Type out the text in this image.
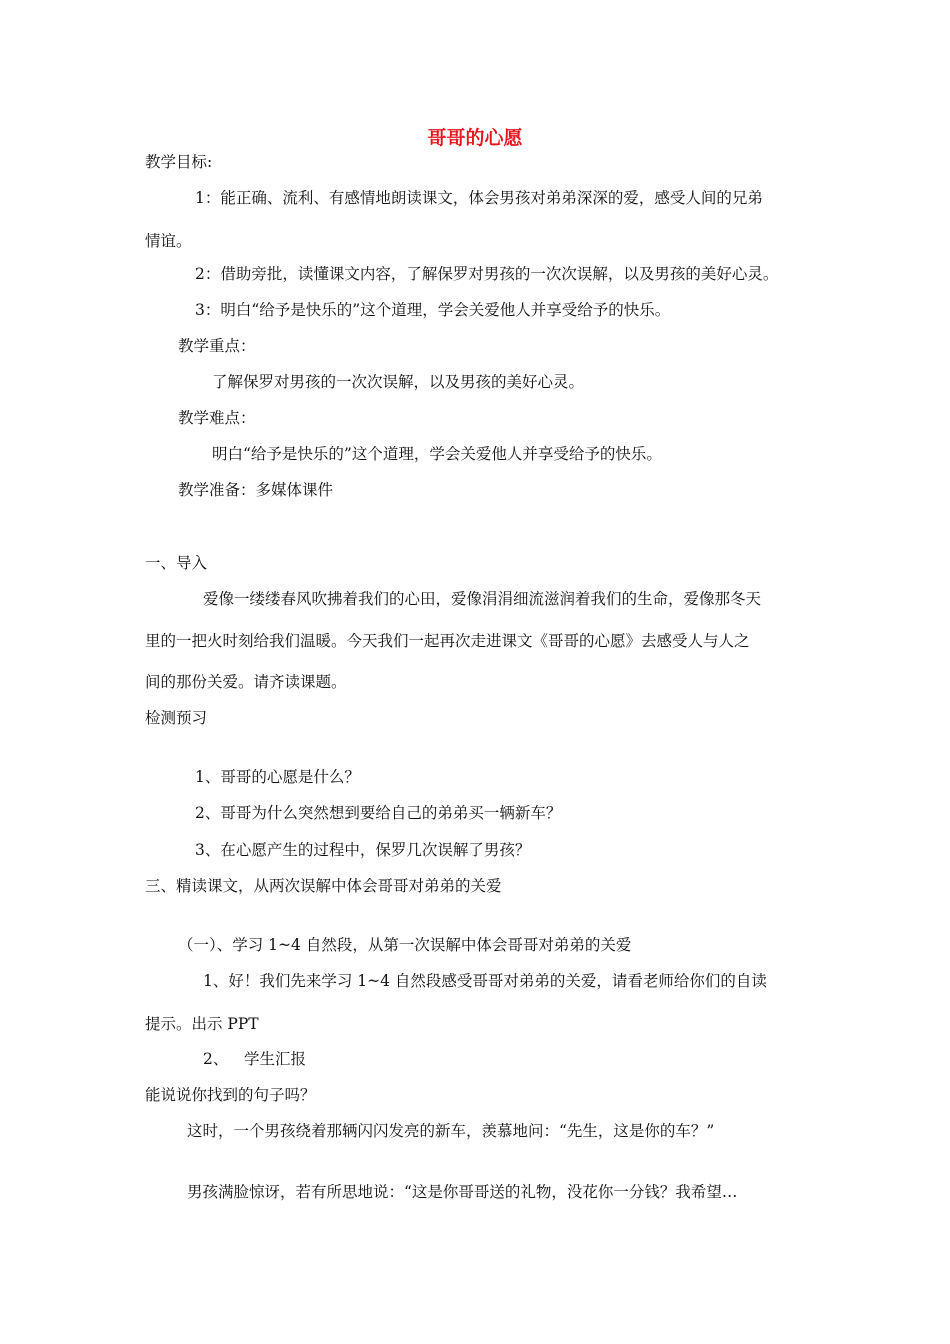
哥哥的心愿
教学目标:
1：能正确、流利、有感情地朗读课文，体会男孩对弟弟深深的爱，感受人间的兄弟
情谊。
2：借助旁批，读懂课文内容，了解保罗对男孩的一次次误解，以及男孩的美好心灵。
3：明白“给予是快乐的”这个道理，学会关爱他人并享受给予的快乐。
教学重点：
了解保罗对男孩的一次次误解，以及男孩的美好心灵。
教学难点：
明白“给予是快乐的”这个道理，学会关爱他人并享受给予的快乐。
教学准备：多媒体课件
一、导入
爱像一缕缕春风吹拂着我们的心田，爱像涓涓细流滋润着我们的生命，爱像那冬天
里的一把火时刻给我们温暖。今天我们一起再次走进课文《哥哥的心愿》去感受人与人之
间的那份关爱。请齐读课题。
检测预习
1、哥哥的心愿是什么？
2、哥哥为什么突然想到要给自己的弟弟买一辆新车？
3、在心愿产生的过程中，保罗几次误解了男孩？
三、精读课文，从两次误解中体会哥哥对弟弟的关爱
（一）、学习 1~4 自然段，从第一次误解中体会哥哥对弟弟的关爱
1、好！我们先来学习 1~4 自然段感受哥哥对弟弟的关爱，请看老师给你们的自读
提示。出示 PPT
2、 学生汇报
能说说你找到的句子吗？
这时，一个男孩绕着那辆闪闪发亮的新车，羡慕地问：“先生，这是你的车？”
男孩满脸惊讶，若有所思地说：“这是你哥哥送的礼物，没花你一分钱？我希望…
